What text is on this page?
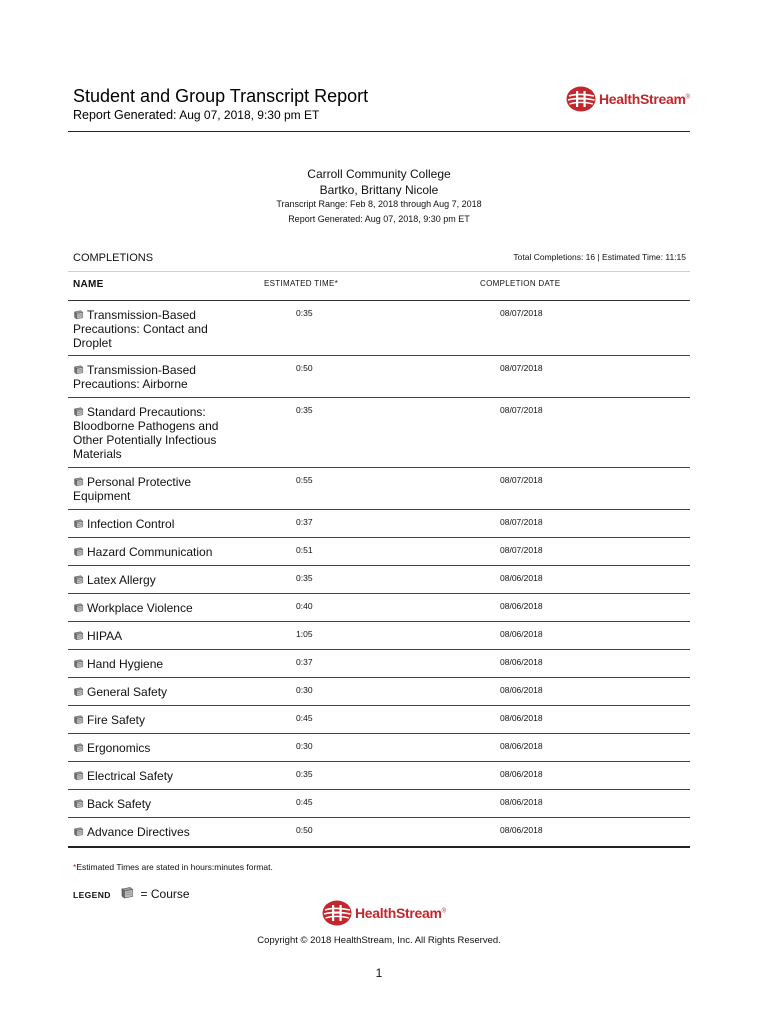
Student and Group Transcript Report
Report Generated: Aug 07, 2018, 9:30 pm ET
HealthStream®
Carroll Community College
Bartko, Brittany Nicole
Transcript Range: Feb 8, 2018 through Aug 7, 2018
Report Generated: Aug 07, 2018, 9:30 pm ET
COMPLETIONS	Total Completions: 16 | Estimated Time: 11:15
NAME	ESTIMATED TIME*	COMPLETION DATE
Transmission-Based Precautions: Contact and Droplet
0:35	08/07/2018
Transmission-Based Precautions: Airborne
0:50	08/07/2018
Standard Precautions: Bloodborne Pathogens and Other Potentially Infectious Materials
0:35	08/07/2018
Personal Protective Equipment
0:55	08/07/2018
Infection Control	0:37	08/07/2018
Hazard Communication	0:51	08/07/2018
Latex Allergy	0:35	08/06/2018
Workplace Violence	0:40	08/06/2018
HIPAA	1:05	08/06/2018
Hand Hygiene	0:37	08/06/2018
General Safety	0:30	08/06/2018
Fire Safety	0:45	08/06/2018
Ergonomics	0:30	08/06/2018
Electrical Safety	0:35	08/06/2018
Back Safety	0:45	08/06/2018
Advance Directives	0:50	08/06/2018
*Estimated Times are stated in hours:minutes format.
LEGEND = Course
HealthStream®
Copyright © 2018 HealthStream, Inc. All Rights Reserved.
1
